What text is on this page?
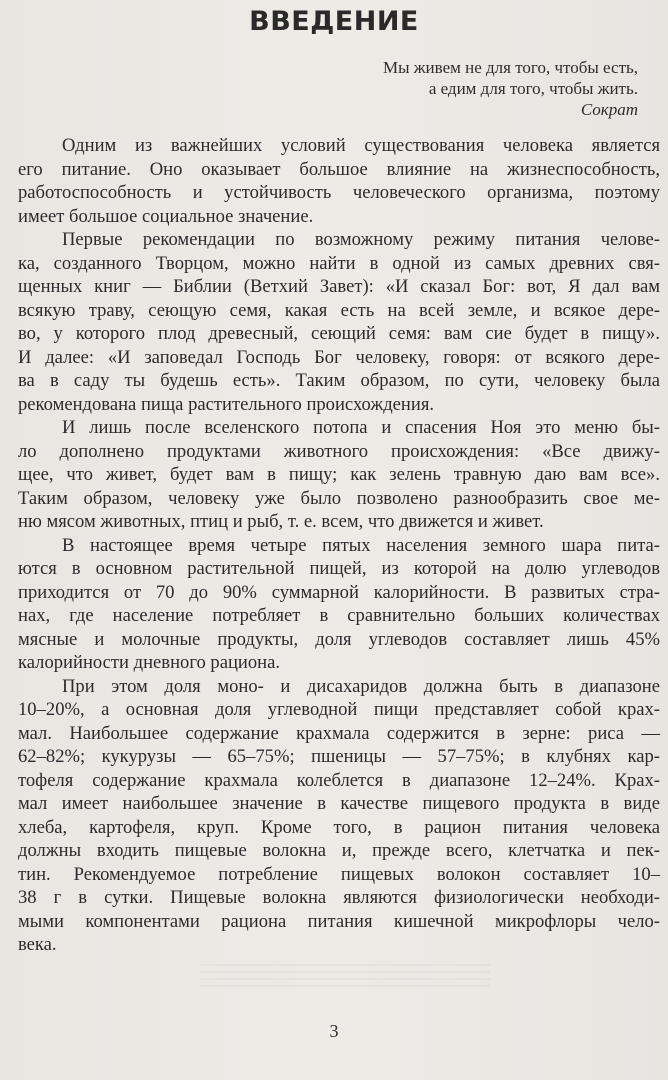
ВВЕДЕНИЕ
Мы живем не для того, чтобы есть,
а едим для того, чтобы жить.
Сократ
Одним из важнейших условий существования человека является
его питание. Оно оказывает большое влияние на жизнеспособность,
работоспособность и устойчивость человеческого организма, поэтому
имеет большое социальное значение.
Первые рекомендации по возможному режиму питания челове-
ка, созданного Творцом, можно найти в одной из самых древних свя-
щенных книг — Библии (Ветхий Завет): «И сказал Бог: вот, Я дал вам
всякую траву, сеющую семя, какая есть на всей земле, и всякое дере-
во, у которого плод древесный, сеющий семя: вам сие будет в пищу».
И далее: «И заповедал Господь Бог человеку, говоря: от всякого дере-
ва в саду ты будешь есть». Таким образом, по сути, человеку была
рекомендована пища растительного происхождения.
И лишь после вселенского потопа и спасения Ноя это меню бы-
ло дополнено продуктами животного происхождения: «Все движу-
щее, что живет, будет вам в пищу; как зелень травную даю вам все».
Таким образом, человеку уже было позволено разнообразить свое ме-
ню мясом животных, птиц и рыб, т. е. всем, что движется и живет.
В настоящее время четыре пятых населения земного шара пита-
ются в основном растительной пищей, из которой на долю углеводов
приходится от 70 до 90% суммарной калорийности. В развитых стра-
нах, где население потребляет в сравнительно больших количествах
мясные и молочные продукты, доля углеводов составляет лишь 45%
калорийности дневного рациона.
При этом доля моно- и дисахаридов должна быть в диапазоне
10–20%, а основная доля углеводной пищи представляет собой крах-
мал. Наибольшее содержание крахмала содержится в зерне: риса —
62–82%; кукурузы — 65–75%; пшеницы — 57–75%; в клубнях кар-
тофеля содержание крахмала колеблется в диапазоне 12–24%. Крах-
мал имеет наибольшее значение в качестве пищевого продукта в виде
хлеба, картофеля, круп. Кроме того, в рацион питания человека
должны входить пищевые волокна и, прежде всего, клетчатка и пек-
тин. Рекомендуемое потребление пищевых волокон составляет 10–
38 г в сутки. Пищевые волокна являются физиологически необходи-
мыми компонентами рациона питания кишечной микрофлоры чело-
века.
3
